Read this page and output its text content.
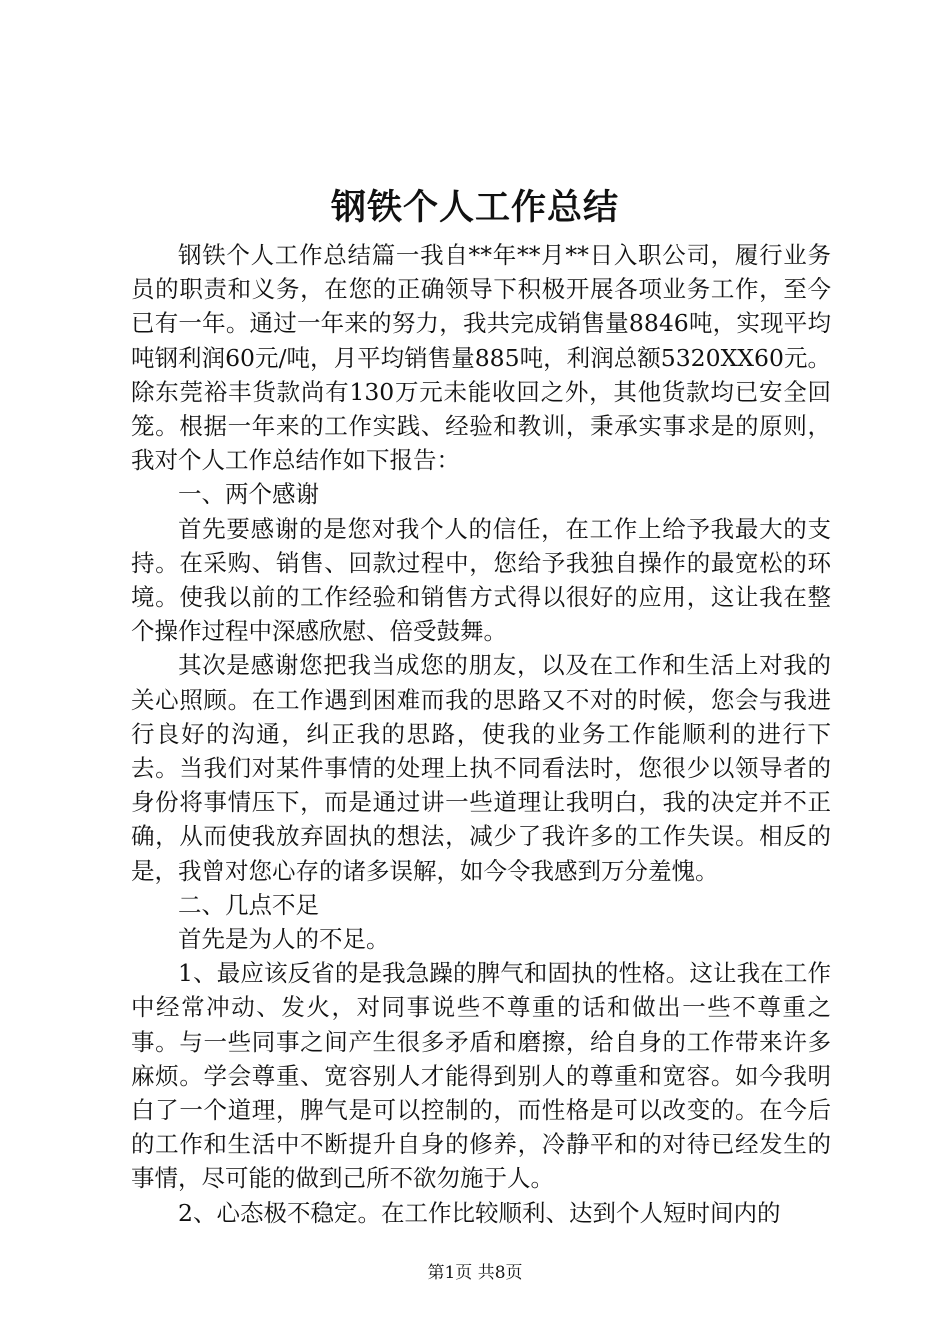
钢铁个人工作总结

钢铁个人工作总结篇一我自**年**月**日入职公司，履行业务员的职责和义务，在您的正确领导下积极开展各项业务工作，至今已有一年。通过一年来的努力，我共完成销售量8846吨，实现平均吨钢利润60元/吨，月平均销售量885吨，利润总额5320XX60元。除东莞裕丰货款尚有130万元未能收回之外，其他货款均已安全回笼。根据一年来的工作实践、经验和教训，秉承实事求是的原则，我对个人工作总结作如下报告：

一、两个感谢

首先要感谢的是您对我个人的信任，在工作上给予我最大的支持。在采购、销售、回款过程中，您给予我独自操作的最宽松的环境。使我以前的工作经验和销售方式得以很好的应用，这让我在整个操作过程中深感欣慰、倍受鼓舞。

其次是感谢您把我当成您的朋友，以及在工作和生活上对我的关心照顾。在工作遇到困难而我的思路又不对的时候，您会与我进行良好的沟通，纠正我的思路，使我的业务工作能顺利的进行下去。当我们对某件事情的处理上执不同看法时，您很少以领导者的身份将事情压下，而是通过讲一些道理让我明白，我的决定并不正确，从而使我放弃固执的想法，减少了我许多的工作失误。相反的是，我曾对您心存的诸多误解，如今令我感到万分羞愧。

二、几点不足

首先是为人的不足。

1、最应该反省的是我急躁的脾气和固执的性格。这让我在工作中经常冲动、发火，对同事说些不尊重的话和做出一些不尊重之事。与一些同事之间产生很多矛盾和磨擦，给自身的工作带来许多麻烦。学会尊重、宽容别人才能得到别人的尊重和宽容。如今我明白了一个道理，脾气是可以控制的，而性格是可以改变的。在今后的工作和生活中不断提升自身的修养，冷静平和的对待已经发生的事情，尽可能的做到己所不欲勿施于人。

2、心态极不稳定。在工作比较顺利、达到个人短时间内的

第1页 共8页
